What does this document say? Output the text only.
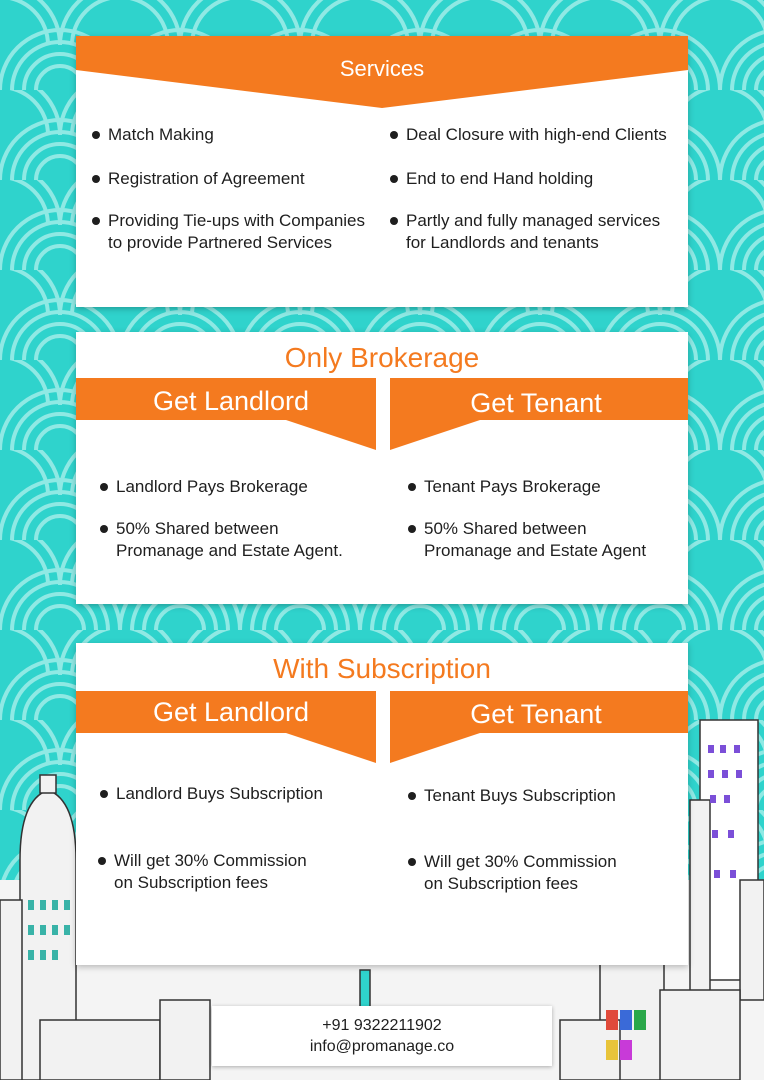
Services
Match Making
Registration of Agreement
Providing Tie-ups with Companies
to provide Partnered Services
Deal Closure with high-end Clients
End to end Hand holding
Partly and fully managed services
for Landlords and tenants
Only Brokerage
Get Landlord	Get Tenant
Landlord Pays Brokerage
50% Shared between
Promanage and Estate Agent.
Tenant Pays Brokerage
50% Shared between
Promanage and Estate Agent
With Subscription
Get Landlord	Get Tenant
Landlord Buys Subscription
Will get 30% Commission
on Subscription fees
Tenant Buys Subscription
Will get 30% Commission
on Subscription fees
+91 9322211902
info@promanage.co
